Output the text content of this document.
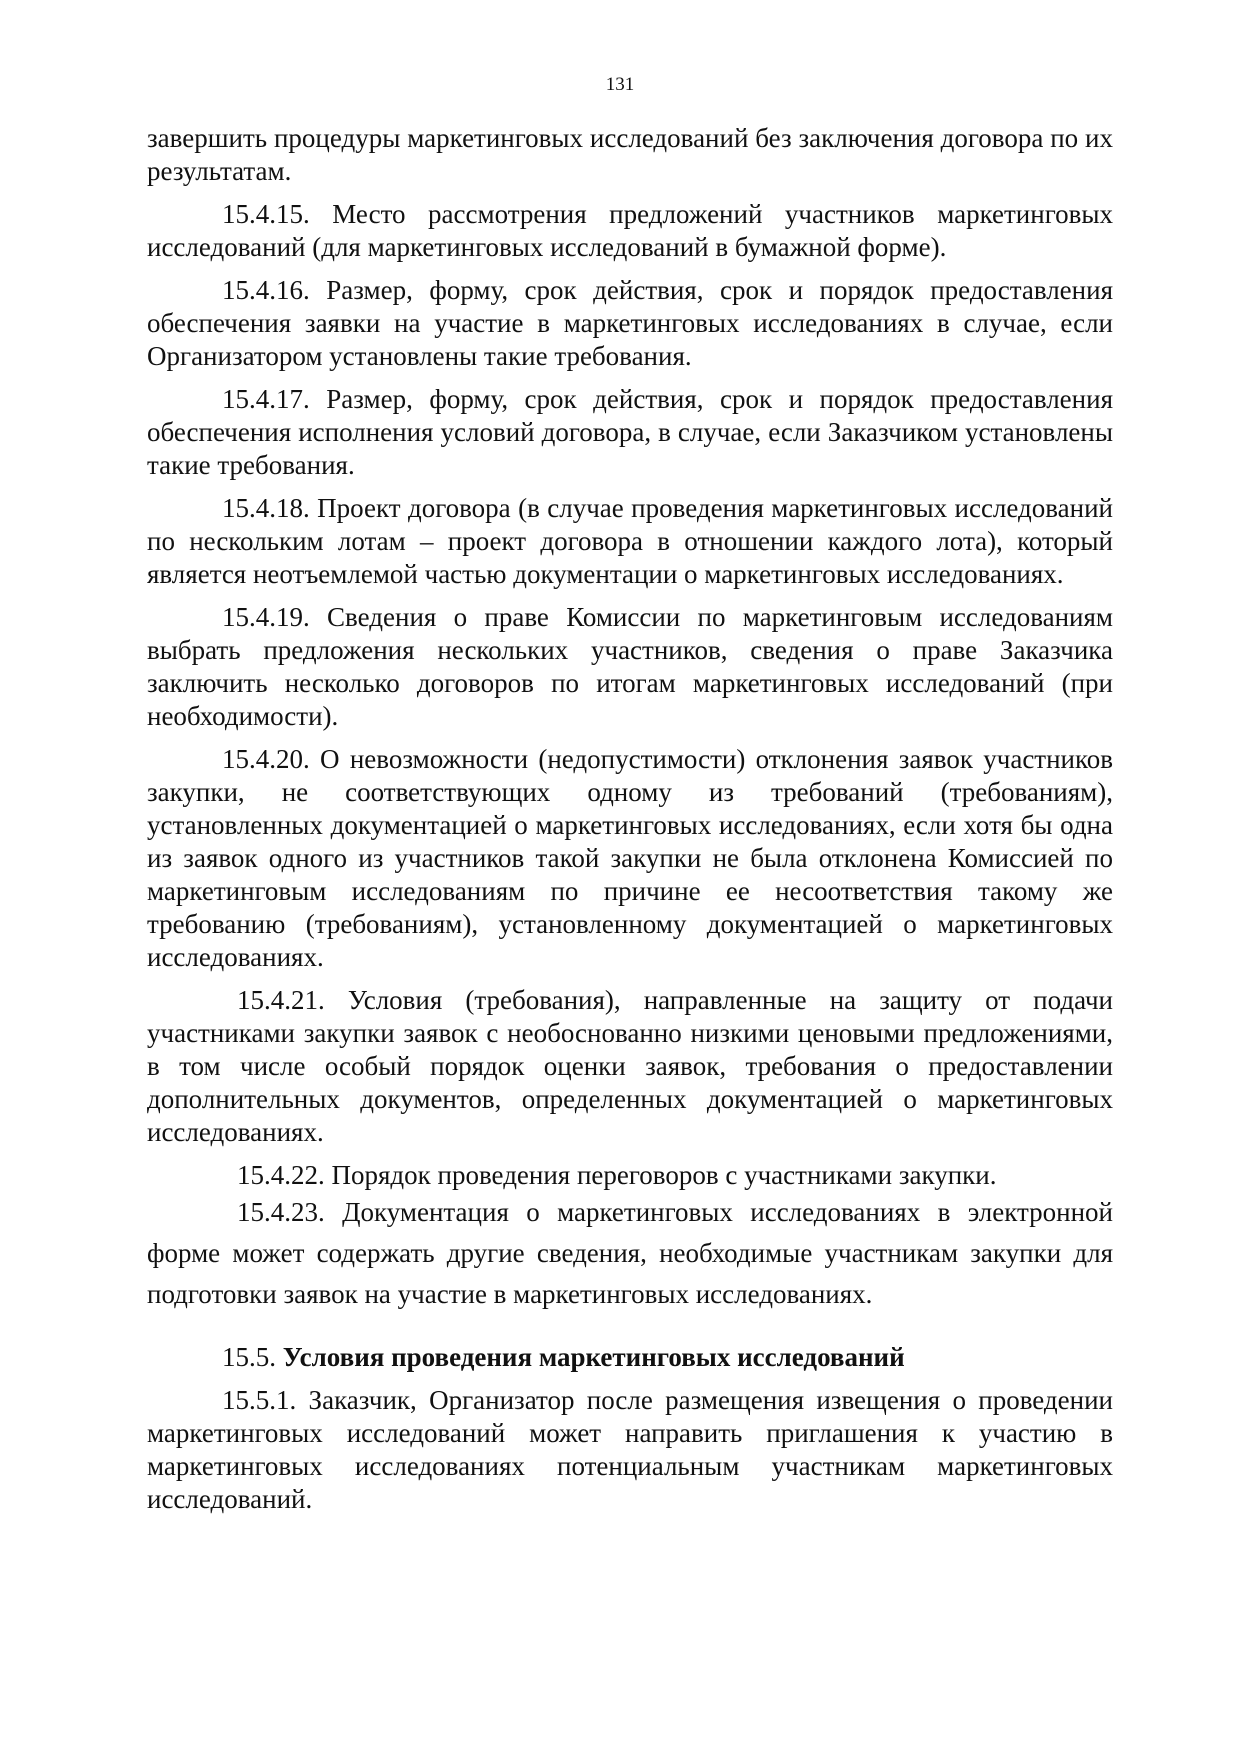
131

завершить процедуры маркетинговых исследований без заключения договора по их результатам.

15.4.15. Место рассмотрения предложений участников маркетинговых исследований (для маркетинговых исследований в бумажной форме).

15.4.16. Размер, форму, срок действия, срок и порядок предоставления обеспечения заявки на участие в маркетинговых исследованиях в случае, если Организатором установлены такие требования.

15.4.17. Размер, форму, срок действия, срок и порядок предоставления обеспечения исполнения условий договора, в случае, если Заказчиком установлены такие требования.

15.4.18. Проект договора (в случае проведения маркетинговых исследований по нескольким лотам – проект договора в отношении каждого лота), который является неотъемлемой частью документации о маркетинговых исследованиях.

15.4.19. Сведения о праве Комиссии по маркетинговым исследованиям выбрать предложения нескольких участников, сведения о праве Заказчика заключить несколько договоров по итогам маркетинговых исследований (при необходимости).

15.4.20. О невозможности (недопустимости) отклонения заявок участников закупки, не соответствующих одному из требований (требованиям), установленных документацией о маркетинговых исследованиях, если хотя бы одна из заявок одного из участников такой закупки не была отклонена Комиссией по маркетинговым исследованиям по причине ее несоответствия такому же требованию (требованиям), установленному документацией о маркетинговых исследованиях.

15.4.21. Условия (требования), направленные на защиту от подачи участниками закупки заявок с необоснованно низкими ценовыми предложениями, в том числе особый порядок оценки заявок, требования о предоставлении дополнительных документов, определенных документацией о маркетинговых исследованиях.

15.4.22. Порядок проведения переговоров с участниками закупки.

15.4.23. Документация о маркетинговых исследованиях в электронной форме может содержать другие сведения, необходимые участникам закупки для подготовки заявок на участие в маркетинговых исследованиях.

15.5. Условия проведения маркетинговых исследований

15.5.1. Заказчик, Организатор после размещения извещения о проведении маркетинговых исследований может направить приглашения к участию в маркетинговых исследованиях потенциальным участникам маркетинговых исследований.
